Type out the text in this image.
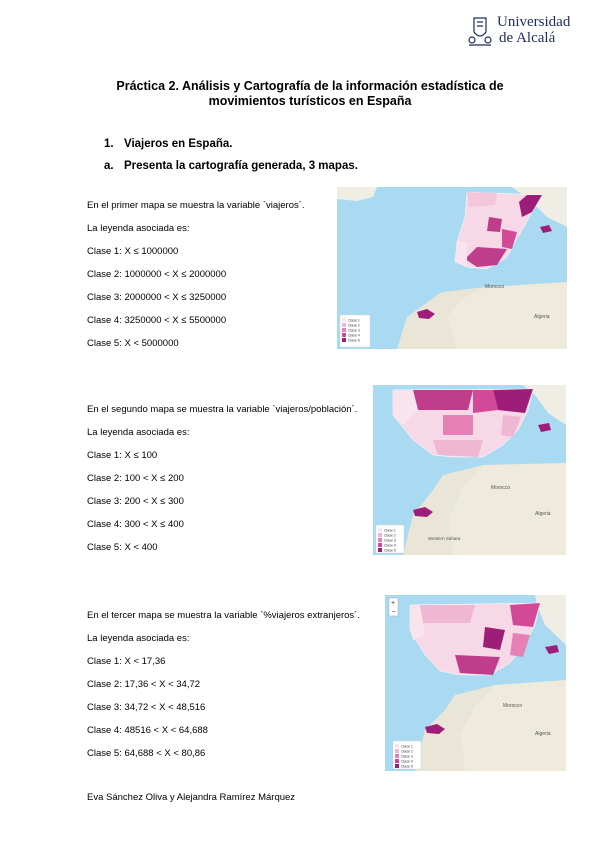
Universidad
de Alcalá
Práctica 2. Análisis y Cartografía de la información estadística de
movimientos turísticos en España
1. Viajeros en España.
a. Presenta la cartografía generada, 3 mapas.
En el primer mapa se muestra la variable `viajeros´.
La leyenda asociada es:
Clase 1: X ≤ 1000000
Clase 2: 1000000 < X ≤ 2000000
Clase 3: 2000000 < X ≤ 3250000
Clase 4: 3250000 < X ≤ 5500000
Clase 5: X < 5000000
En el segundo mapa se muestra la variable `viajeros/población´.
La leyenda asociada es:
Clase 1: X ≤ 100
Clase 2: 100 < X ≤ 200
Clase 3: 200 < X ≤ 300
Clase 4: 300 < X ≤ 400
Clase 5: X < 400
En el tercer mapa se muestra la variable `%viajeros extranjeros´.
La leyenda asociada es:
Clase 1: X < 17,36
Clase 2: 17,36 < X < 34,72
Clase 3: 34,72 < X < 48,516
Clase 4: 48516 < X < 64,688
Clase 5: 64,688 < X < 80,86
Morocco
Algeria
Clase 1
Clase 2
Clase 3
Clase 4
Clase 5
Morocco
Algeria
Western Sahara
Clase 1
Clase 2
Clase 3
Clase 4
Clase 5
Morocco
Algeria
+
−
Clase 1
Clase 2
Clase 3
Clase 4
Clase 5
Eva Sánchez Oliva y Alejandra Ramírez Márquez
